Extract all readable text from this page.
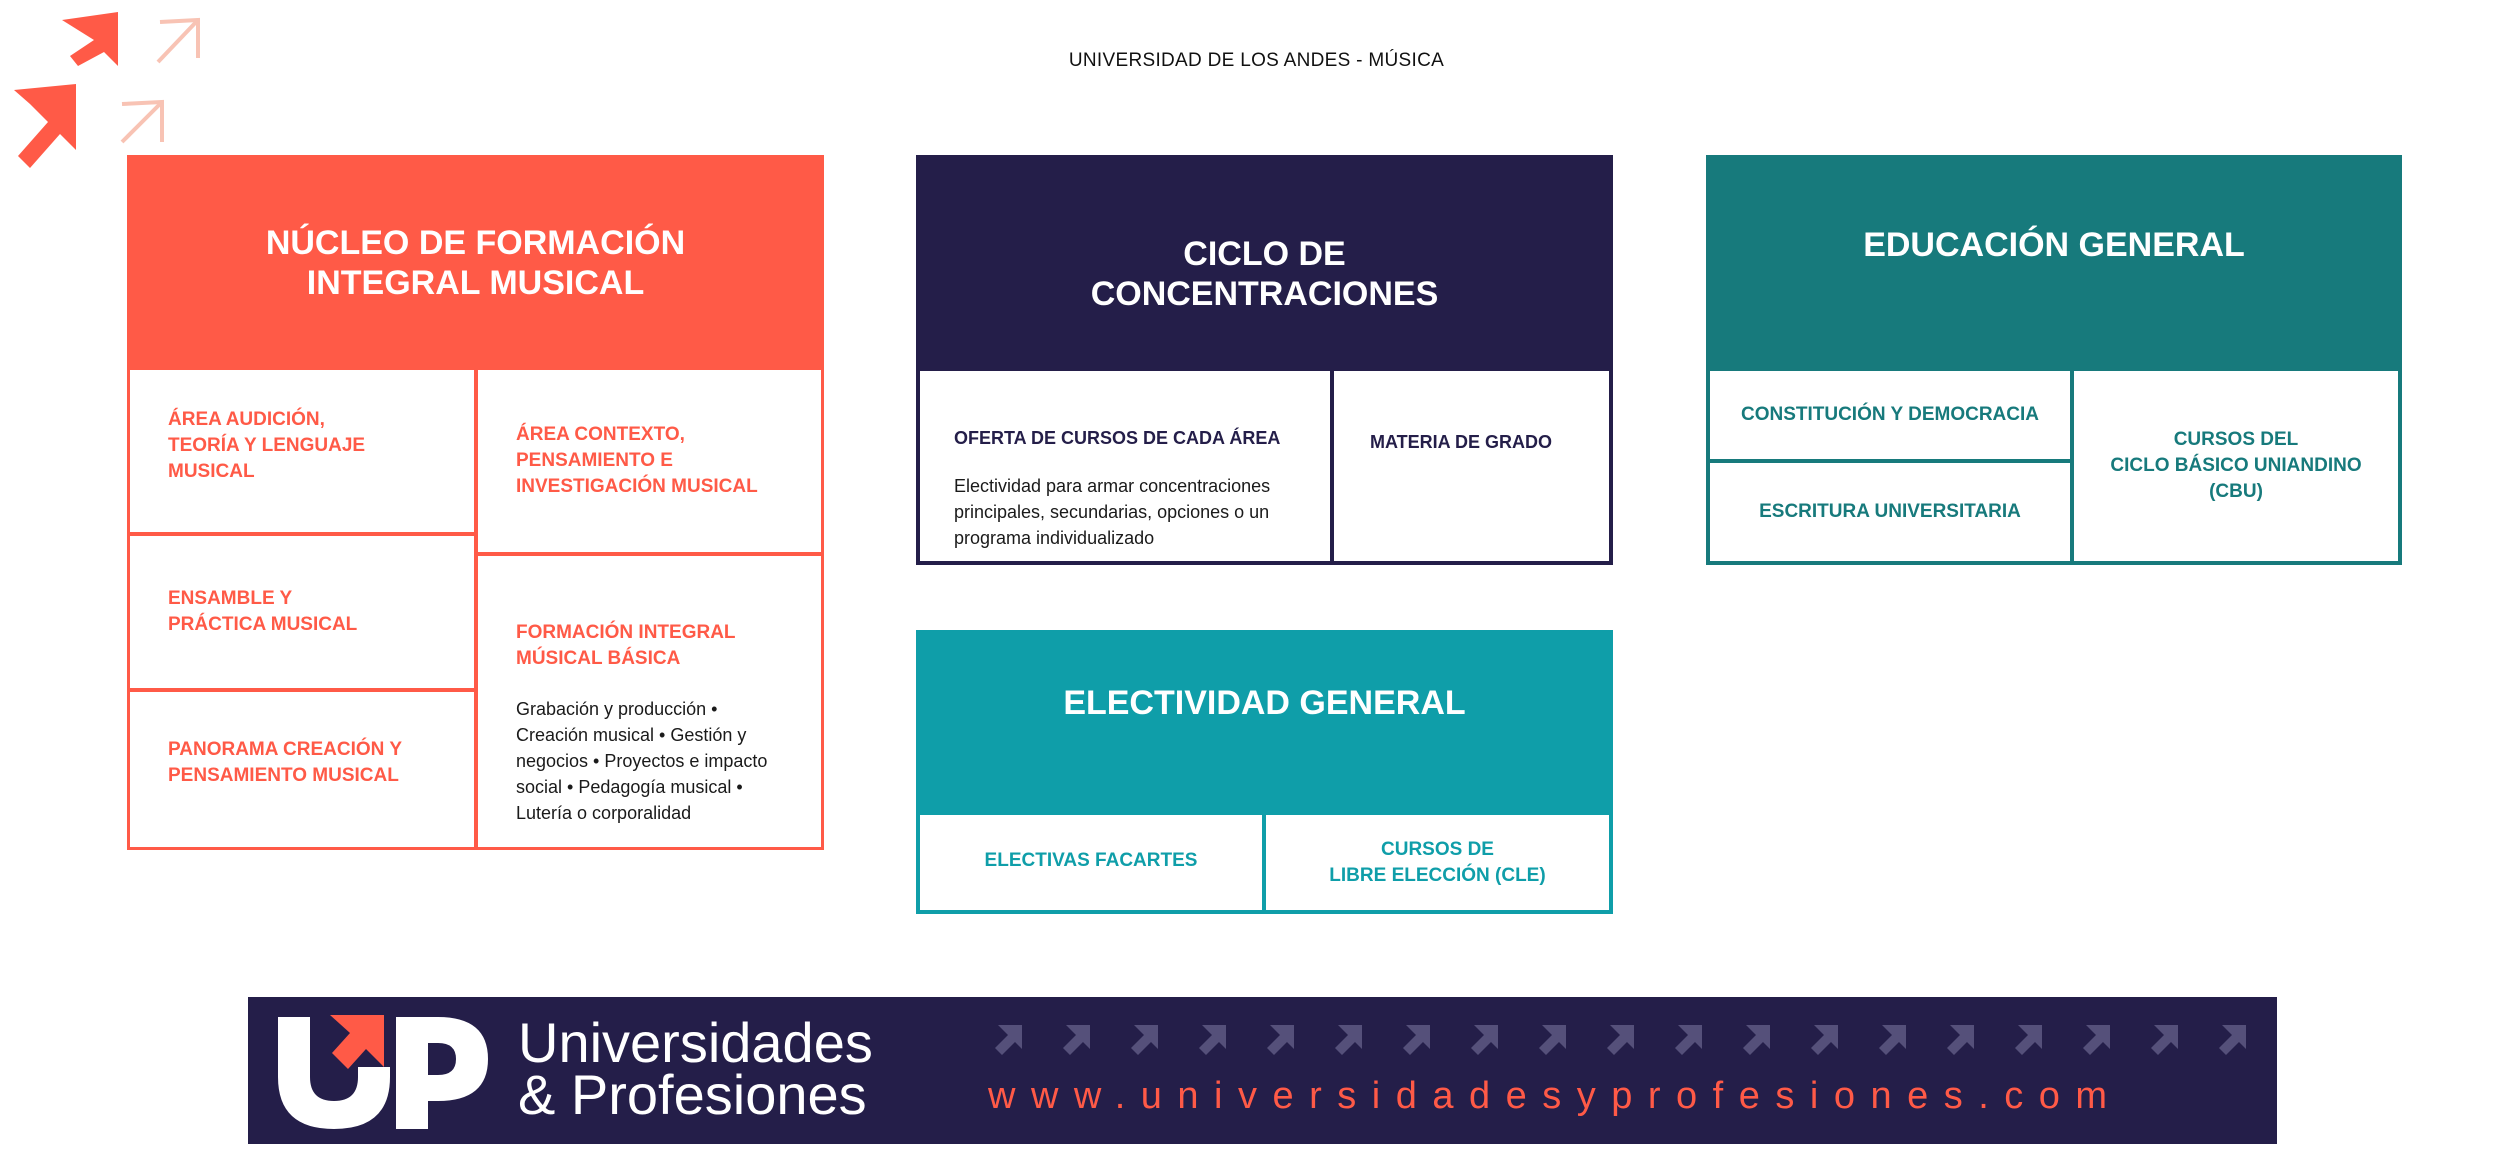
UNIVERSIDAD DE LOS ANDES - MÚSICA
NÚCLEO DE FORMACIÓN
INTEGRAL MUSICAL
ÁREA AUDICIÓN,
TEORÍA Y LENGUAJE
MUSICAL
ENSAMBLE Y
PRÁCTICA MUSICAL
PANORAMA CREACIÓN Y
PENSAMIENTO MUSICAL
ÁREA CONTEXTO,
PENSAMIENTO E
INVESTIGACIÓN MUSICAL

FORMACIÓN INTEGRAL
MÚSICAL BÁSICA

Grabación y producción •
Creación musical • Gestión y
negocios • Proyectos e impacto
social • Pedagogía musical •
Lutería o corporalidad

CICLO DE
CONCENTRACIONES

OFERTA DE CURSOS DE CADA ÁREA

Electividad para armar concentraciones
principales, secundarias, opciones o un
programa individualizado

MATERIA DE GRADO

EDUCACIÓN GENERAL
CONSTITUCIÓN Y DEMOCRACIA
ESCRITURA UNIVERSITARIA
CURSOS DEL
CICLO BÁSICO UNIANDINO
(CBU)
ELECTIVIDAD GENERAL
ELECTIVAS FACARTES
CURSOS DE
LIBRE ELECCIÓN (CLE)
Universidades
& Profesiones	www.universidadesyprofesiones.com
